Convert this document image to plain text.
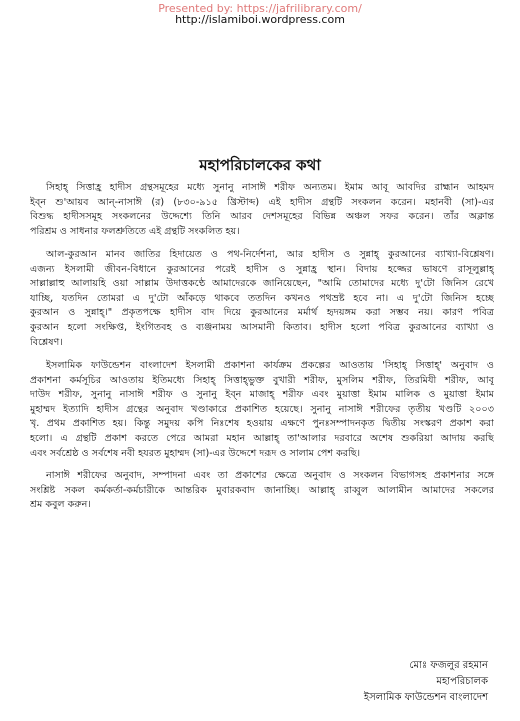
Presented by: https://jafrilibrary.com/
http://islamiboi.wordpress.com
মহাপরিচালকের কথা
সিহাহ্ সিত্তাহ্র হাদীস গ্রন্থসমূহের মধ্যে সুনানু নাসাঈ শরীফ অন্যতম। ইমাম আবূ আবদির রাহ্মান আহমদ
ইব্‌ন শু'আয়ব আন্‌-নাসাঈ (র) (৮৩০-৯১৫ খ্রিস্টাব্দ) এই হাদীস গ্রন্থটি সংকলন করেন। মহানবী (সা)-এর
বিশুদ্ধ হাদীসসমূহ সংকলনের উদ্দেশ্যে তিনি আরব দেশসমূহের বিভিন্ন অঞ্চল সফর করেন। তাঁর অক্লান্ত
পরিশ্রম ও সাধনার ফলশ্রুতিতে এই গ্রন্থটি সংকলিত হয়।
আল-কুরআন মানব জাতির হিদায়েত ও পথ-নির্দেশনা, আর হাদীস ও সুন্নাহ্ কুরআনের ব্যাখ্যা-বিশ্লেষণ।
এজন্য ইসলামী জীবন-বিধানে কুরআনের পরেই হাদীস ও সুন্নাহ্র স্থান। বিদায় হজ্জের ভাষণে রাসূলুল্লাহ্
সাল্লাল্লাহু আলায়হি ওয়া সাল্লাম উদাত্তকণ্ঠে আমাদেরকে জানিয়েছেন, "আমি তোমাদের মধ্যে দু'টো জিনিস রেখে
যাচ্ছি, যতদিন তোমরা এ দু'টো আঁকড়ে থাকবে ততদিন কখনও পথভ্রষ্ট হবে না। এ দু'টো জিনিস হচ্ছে
কুরআন ও সুন্নাহ্।" প্রকৃতপক্ষে হাদীস বাদ দিয়ে কুরআনের মর্মার্থ হৃদয়ঙ্গম করা সম্ভব নয়। কারণ পবিত্র
কুরআন হলো সংক্ষিপ্ত, ইংগিতবহ ও ব্যঞ্জনাময় আসমানী কিতাব। হাদীস হলো পবিত্র কুরআনের ব্যাখ্যা ও
বিশ্লেষণ।
ইসলামিক ফাউন্ডেশন বাংলাদেশ ইসলামী প্রকাশনা কার্যক্রম প্রকল্পের আওতায় 'সিহাহ্ সিত্তাহ্' অনুবাদ ও
প্রকাশনা কর্মসূচির আওতায় ইতিমধ্যে সিহাহ্ সিত্তাহ্ভুক্ত বুখারী শরীফ, মুসলিম শরীফ, তিরমিযী শরীফ, আবূ
দাউদ শরীফ, সুনানু নাসাঈ শরীফ ও সুনানু ইব্‌ন মাজাহ্ শরীফ এবং মুয়াত্তা ইমাম মালিক ও মুয়াত্তা ইমাম
মুহাম্মদ ইত্যাদি হাদীস গ্রন্থের অনুবাদ খণ্ডাকারে প্রকাশিত হয়েছে। সুনানু নাসাঈ শরীফের তৃতীয় খণ্ডটি ২০০৩
খৃ. প্রথম প্রকাশিত হয়। কিন্তু সমুদয় কপি নিঃশেষ হওয়ায় এক্ষণে পুনঃসম্পাদনকৃত দ্বিতীয় সংস্করণ প্রকাশ করা
হলো। এ গ্রন্থটি প্রকাশ করতে পেরে আমরা মহান আল্লাহ্ তা'আলার দরবারে অশেষ শুকরিয়া আদায় করছি
এবং সর্বশ্রেষ্ঠ ও সর্বশেষ নবী হযরত মুহাম্মদ (সা)-এর উদ্দেশে দরূদ ও সালাম পেশ করছি।
নাসাঈ শরীফের অনুবাদ, সম্পাদনা এবং তা প্রকাশের ক্ষেত্রে অনুবাদ ও সংকলন বিভাগসহ প্রকাশনার সঙ্গে
সংশ্লিষ্ট সকল কর্মকর্তা-কর্মচারীকে আন্তরিক মুবারকবাদ জানাচ্ছি। আল্লাহ্ রাব্বুল আলামীন আমাদের সকলের
শ্রম কবুল করুন।
মোঃ ফজলুর রহমান
মহাপরিচালক
ইসলামিক ফাউন্ডেশন বাংলাদেশ
